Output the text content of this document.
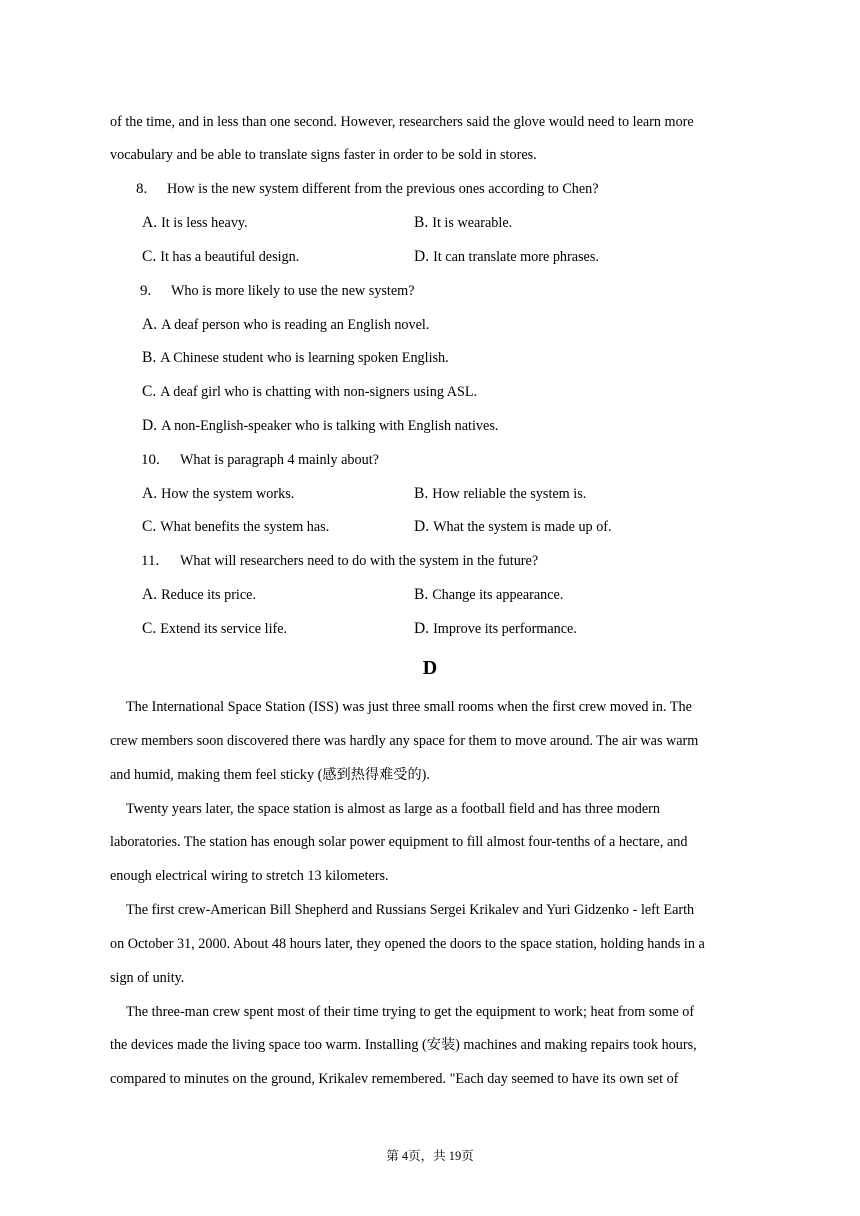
of the time, and in less than one second. However, researchers said the glove would need to learn more
vocabulary and be able to translate signs faster in order to be sold in stores.
8. How is the new system different from the previous ones according to Chen?
A. It is less heavy.	B. It is wearable.
C. It has a beautiful design.	D. It can translate more phrases.
9. Who is more likely to use the new system?
A. A deaf person who is reading an English novel.
B. A Chinese student who is learning spoken English.
C. A deaf girl who is chatting with non-signers using ASL.
D. A non-English-speaker who is talking with English natives.
10. What is paragraph 4 mainly about?
A. How the system works.	B. How reliable the system is.
C. What benefits the system has.	D. What the system is made up of.
11. What will researchers need to do with the system in the future?
A. Reduce its price.	B. Change its appearance.
C. Extend its service life.	D. Improve its performance.
D
The International Space Station (ISS) was just three small rooms when the first crew moved in. The
crew members soon discovered there was hardly any space for them to move around. The air was warm
and humid, making them feel sticky (感到热得难受的).
Twenty years later, the space station is almost as large as a football field and has three modern
laboratories. The station has enough solar power equipment to fill almost four-tenths of a hectare, and
enough electrical wiring to stretch 13 kilometers.
The first crew-American Bill Shepherd and Russians Sergei Krikalev and Yuri Gidzenko - left Earth
on October 31, 2000. About 48 hours later, they opened the doors to the space station, holding hands in a
sign of unity.
The three-man crew spent most of their time trying to get the equipment to work; heat from some of
the devices made the living space too warm. Installing (安装) machines and making repairs took hours,
compared to minutes on the ground, Krikalev remembered. "Each day seemed to have its own set of
第 4页，共 19页
